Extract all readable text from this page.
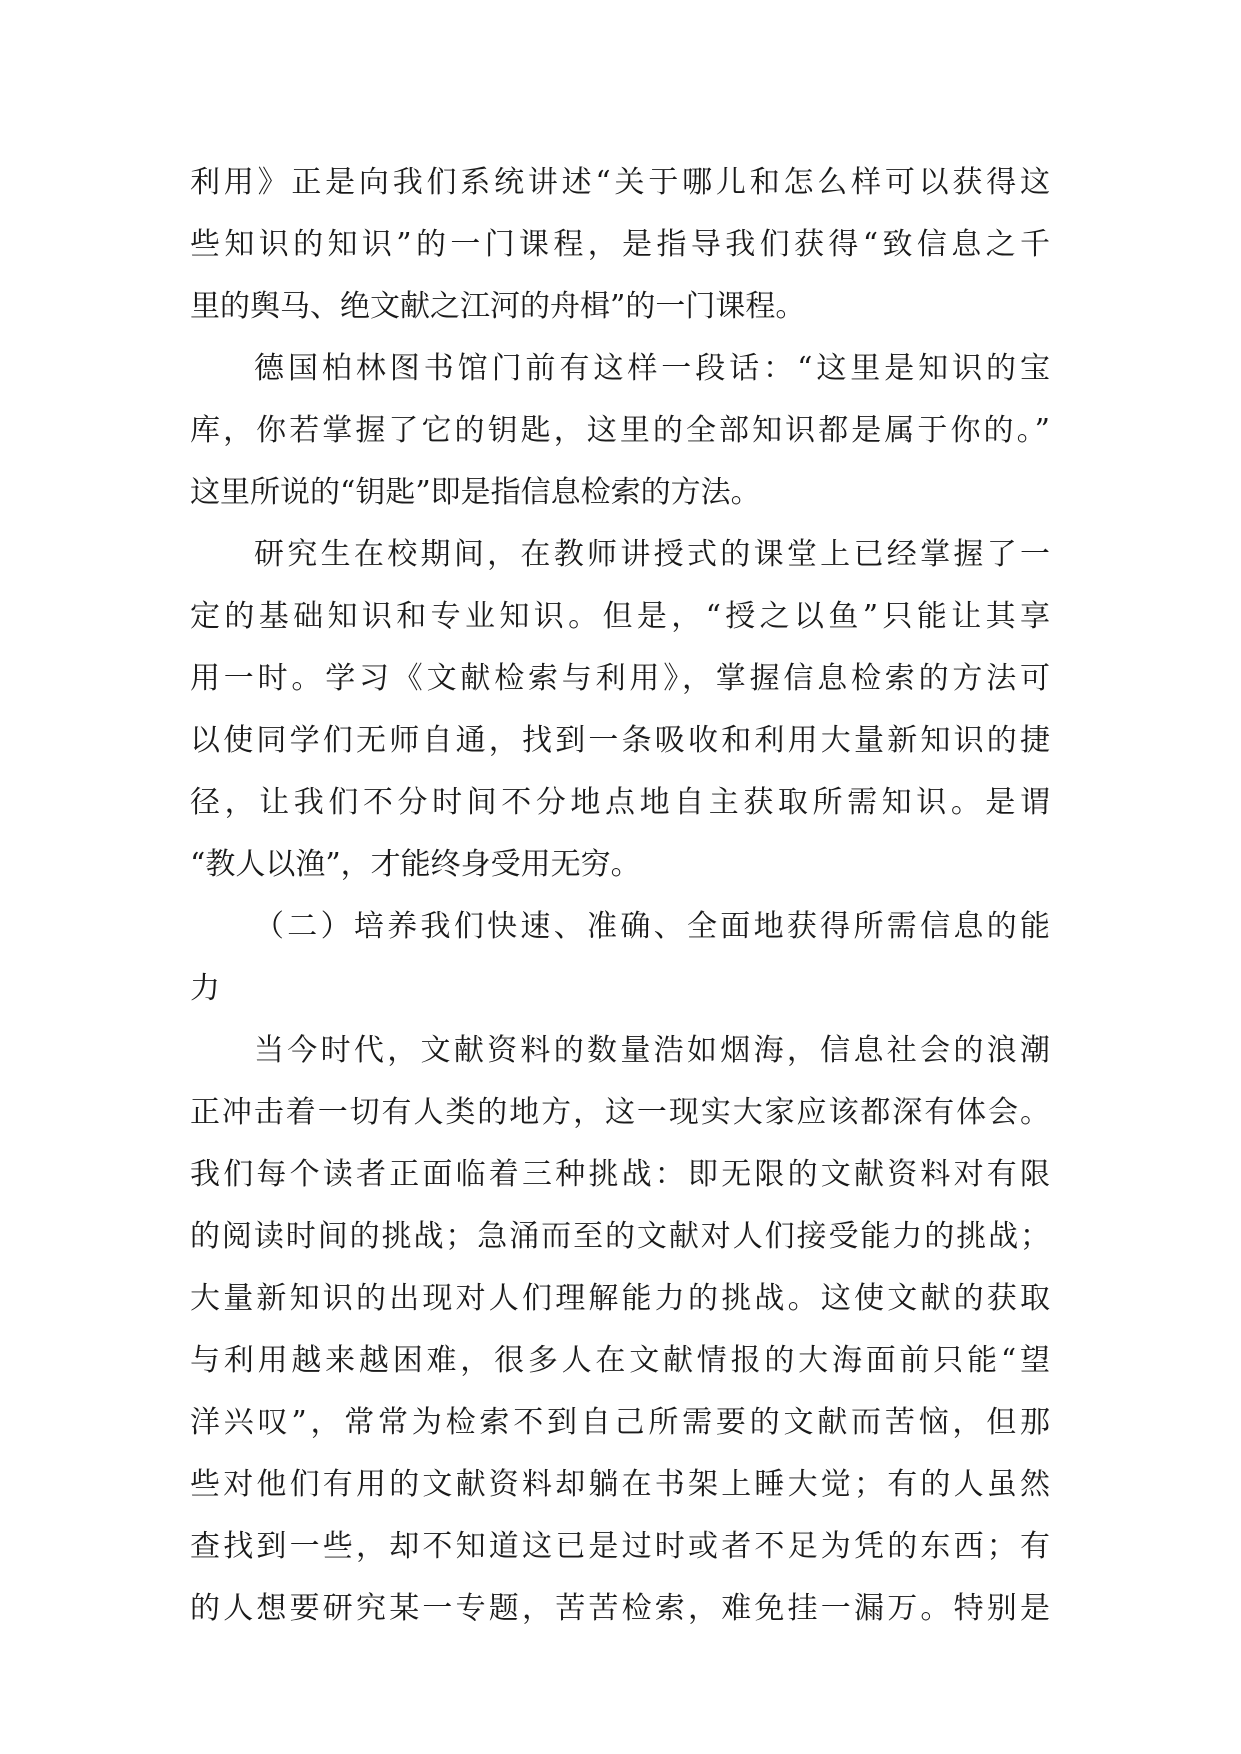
利用》正是向我们系统讲述“关于哪儿和怎么样可以获得这
些知识的知识”的一门课程，是指导我们获得“致信息之千
里的舆马、绝文献之江河的舟楫”的一门课程。
德国柏林图书馆门前有这样一段话：“这里是知识的宝
库，你若掌握了它的钥匙，这里的全部知识都是属于你的。”
这里所说的“钥匙”即是指信息检索的方法。
研究生在校期间，在教师讲授式的课堂上已经掌握了一
定的基础知识和专业知识。但是，“授之以鱼”只能让其享
用一时。学习《文献检索与利用》，掌握信息检索的方法可
以使同学们无师自通，找到一条吸收和利用大量新知识的捷
径，让我们不分时间不分地点地自主获取所需知识。是谓
“教人以渔”，才能终身受用无穷。
（二）培养我们快速、准确、全面地获得所需信息的能
力
当今时代，文献资料的数量浩如烟海，信息社会的浪潮
正冲击着一切有人类的地方，这一现实大家应该都深有体会。
我们每个读者正面临着三种挑战：即无限的文献资料对有限
的阅读时间的挑战；急涌而至的文献对人们接受能力的挑战；
大量新知识的出现对人们理解能力的挑战。这使文献的获取
与利用越来越困难，很多人在文献情报的大海面前只能“望
洋兴叹”，常常为检索不到自己所需要的文献而苦恼，但那
些对他们有用的文献资料却躺在书架上睡大觉；有的人虽然
查找到一些，却不知道这已是过时或者不足为凭的东西；有
的人想要研究某一专题，苦苦检索，难免挂一漏万。特别是
